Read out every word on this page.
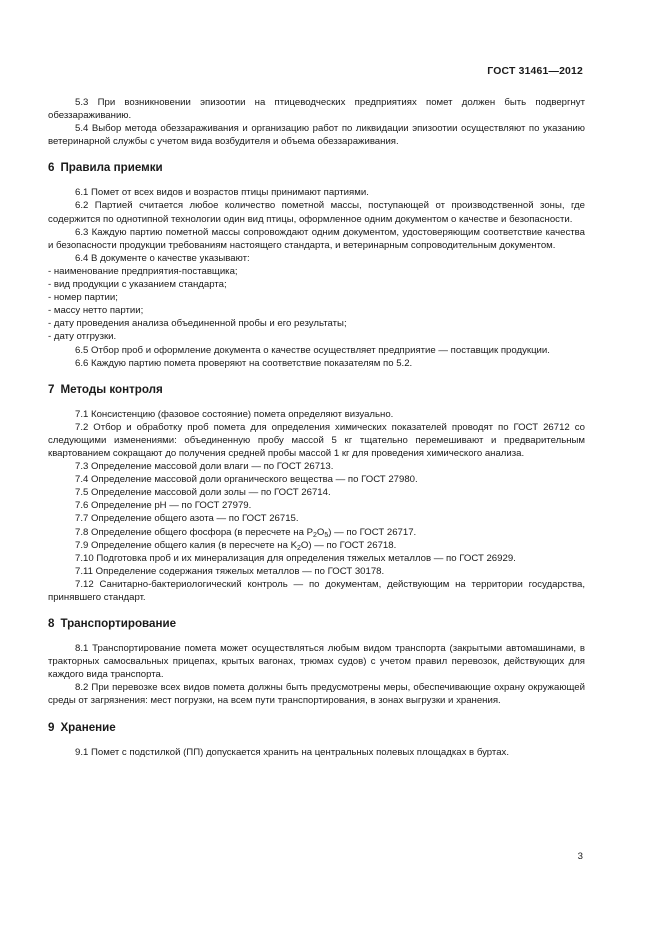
ГОСТ 31461—2012

5.3 При возникновении эпизоотии на птицеводческих предприятиях помет должен быть подвергнут обеззараживанию.

5.4 Выбор метода обеззараживания и организацию работ по ликвидации эпизоотии осуществляют по указанию ветеринарной службы с учетом вида возбудителя и объема обеззараживания.

6 Правила приемки

6.1 Помет от всех видов и возрастов птицы принимают партиями.

6.2 Партией считается любое количество пометной массы, поступающей от производственной зоны, где содержится по однотипной технологии один вид птицы, оформленное одним документом о качестве и безопасности.

6.3 Каждую партию пометной массы сопровождают одним документом, удостоверяющим соответствие качества и безопасности продукции требованиям настоящего стандарта, и ветеринарным сопроводительным документом.

6.4 В документе о качестве указывают:

- наименование предприятия-поставщика;

- вид продукции с указанием стандарта;

- номер партии;

- массу нетто партии;

- дату проведения анализа объединенной пробы и его результаты;

- дату отгрузки.

6.5 Отбор проб и оформление документа о качестве осуществляет предприятие — поставщик продукции.

6.6 Каждую партию помета проверяют на соответствие показателям по 5.2.

7 Методы контроля

7.1 Консистенцию (фазовое состояние) помета определяют визуально.

7.2 Отбор и обработку проб помета для определения химических показателей проводят по ГОСТ 26712 со следующими изменениями: объединенную пробу массой 5 кг тщательно перемешивают и предварительным квартованием сокращают до получения средней пробы массой 1 кг для проведения химического анализа.

7.3 Определение массовой доли влаги — по ГОСТ 26713.

7.4 Определение массовой доли органического вещества — по ГОСТ 27980.

7.5 Определение массовой доли золы — по ГОСТ 26714.

7.6 Определение рН — по ГОСТ 27979.

7.7 Определение общего азота — по ГОСТ 26715.

7.8 Определение общего фосфора (в пересчете на $P_2O_5$) — по ГОСТ 26717.

7.9 Определение общего калия (в пересчете на $K_2O$) — по ГОСТ 26718.

7.10 Подготовка проб и их минерализация для определения тяжелых металлов — по ГОСТ 26929.

7.11 Определение содержания тяжелых металлов — по ГОСТ 30178.

7.12 Санитарно-бактериологический контроль — по документам, действующим на территории государства, принявшего стандарт.

8 Транспортирование

8.1 Транспортирование помета может осуществляться любым видом транспорта (закрытыми автомашинами, в тракторных самосвальных прицепах, крытых вагонах, трюмах судов) с учетом правил перевозок, действующих для каждого вида транспорта.

8.2 При перевозке всех видов помета должны быть предусмотрены меры, обеспечивающие охрану окружающей среды от загрязнения: мест погрузки, на всем пути транспортирования, в зонах выгрузки и хранения.

9 Хранение

9.1 Помет с подстилкой (ПП) допускается хранить на центральных полевых площадках в буртах.

3
